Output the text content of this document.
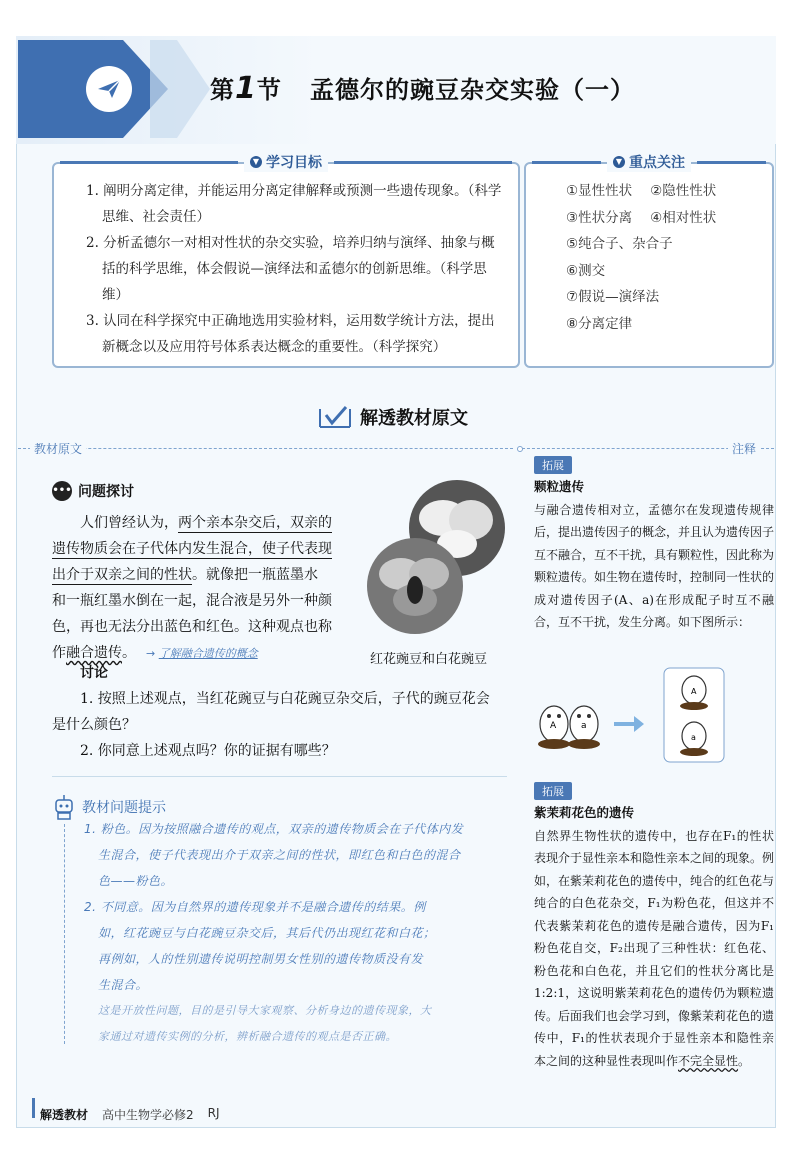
第1节 孟德尔的豌豆杂交实验（一）
▼ 学习目标

1. 阐明分离定律，并能运用分离定律解释或预测一些遗传现象。（科学思维、社会责任）

2. 分析孟德尔一对相对性状的杂交实验，培养归纳与演绎、抽象与概括的科学思维，体会假说—演绎法和孟德尔的创新思维。（科学思维）

3. 认同在科学探究中正确地选用实验材料，运用数学统计方法，提出新概念以及应用符号体系表达概念的重要性。（科学探究）

▼ 重点关注
①显性性状 ②隐性性状
③性状分离 ④相对性状
⑤纯合子、杂合子
⑥测交
⑦假说—演绎法
⑧分离定律
解透教材原文
教材原文	注释
••• 问题探讨
人们曾经认为，两个亲本杂交后，双亲的
遗传物质会在子代体内发生混合，使子代表现
出介于双亲之间的性状。就像把一瓶蓝墨水
和一瓶红墨水倒在一起，混合液是另外一种颜
色，再也无法分出蓝色和红色。这种观点也称
作融合遗传。 → 了解融合遗传的概念	红花豌豆和白花豌豆
讨论
1. 按照上述观点，当红花豌豆与白花豌豆杂交后，子代的豌豆花会
是什么颜色？
2. 你同意上述观点吗？你的证据有哪些？
教材问题提示
1. 粉色。因为按照融合遗传的观点，双亲的遗传物质会在子代体内发
生混合，使子代表现出介于双亲之间的性状，即红色和白色的混合
色——粉色。
2. 不同意。因为自然界的遗传现象并不是融合遗传的结果。例
如，红花豌豆与白花豌豆杂交后，其后代仍出现红花和白花；
再例如，人的性别遗传说明控制男女性别的遗传物质没有发
生混合。
这是开放性问题，目的是引导大家观察、分析身边的遗传现象，大
家通过对遗传实例的分析，辨析融合遗传的观点是否正确。
拓展
颗粒遗传
与融合遗传相对立，孟德尔在发现遗传规律后，提出遗传因子的概念，并且认为遗传因子互不融合，互不干扰，具有颗粒性，因此称为颗粒遗传。如生物在遗传时，控制同一性状的成对遗传因子(A、a)在形成配子时互不融合，互不干扰，发生分离。如下图所示：
A	a
A
a
拓展
紫茉莉花色的遗传
自然界生物性状的遗传中，也存在F₁的性状表现介于显性亲本和隐性亲本之间的现象。例如，在紫茉莉花色的遗传中，纯合的红色花与纯合的白色花杂交，F₁为粉色花，但这并不代表紫茉莉花色的遗传是融合遗传，因为F₁粉色花自交，F₂出现了三种性状：红色花、粉色花和白色花，并且它们的性状分离比是1:2:1，这说明紫茉莉花色的遗传仍为颗粒遗传。后面我们也会学习到，像紫茉莉花色的遗传中，F₁的性状表现介于显性亲本和隐性亲本之间的这种显性表现叫作不完全显性。
解透教材 高中生物学必修2 RJ
